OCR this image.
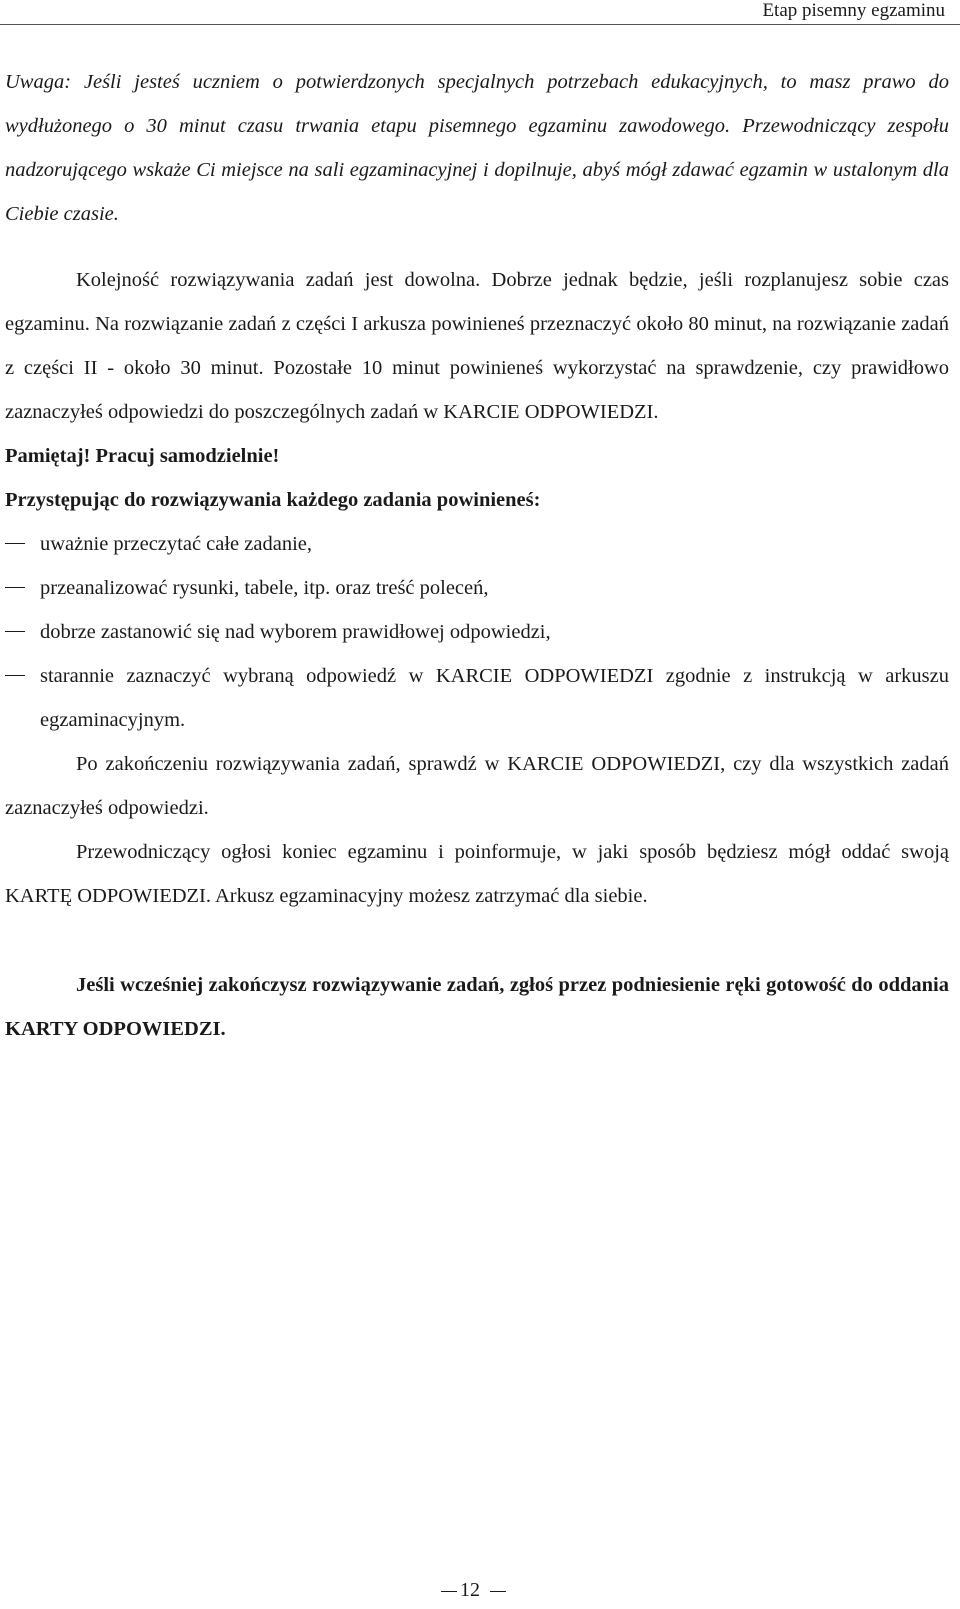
Etap pisemny egzaminu

Uwaga: Jeśli jesteś uczniem o potwierdzonych specjalnych potrzebach edukacyjnych, to masz prawo do wydłużonego o 30 minut czasu trwania etapu pisemnego egzaminu zawodowego. Przewodniczący zespołu nadzorującego wskaże Ci miejsce na sali egzaminacyjnej i dopilnuje, abyś mógł zdawać egzamin w ustalonym dla Ciebie czasie.

Kolejność rozwiązywania zadań jest dowolna. Dobrze jednak będzie, jeśli rozplanujesz sobie czas egzaminu. Na rozwiązanie zadań z części I arkusza powinieneś przeznaczyć około 80 minut, na rozwiązanie zadań z części II - około 30 minut. Pozostałe 10 minut powinieneś wykorzystać na sprawdzenie, czy prawidłowo zaznaczyłeś odpowiedzi do poszczególnych zadań w KARCIE ODPOWIEDZI.

Pamiętaj! Pracuj samodzielnie!

Przystępując do rozwiązywania każdego zadania powinieneś:

uważnie przeczytać całe zadanie,
przeanalizować rysunki, tabele, itp. oraz treść poleceń,
dobrze zastanowić się nad wyborem prawidłowej odpowiedzi,
starannie zaznaczyć wybraną odpowiedź w KARCIE ODPOWIEDZI zgodnie z instrukcją w arkuszu egzaminacyjnym.

Po zakończeniu rozwiązywania zadań, sprawdź w KARCIE ODPOWIEDZI, czy dla wszystkich zadań zaznaczyłeś odpowiedzi.

Przewodniczący ogłosi koniec egzaminu i poinformuje, w jaki sposób będziesz mógł oddać swoją KARTĘ ODPOWIEDZI. Arkusz egzaminacyjny możesz zatrzymać dla siebie.

Jeśli wcześniej zakończysz rozwiązywanie zadań, zgłoś przez podniesienie ręki gotowość do oddania KARTY ODPOWIEDZI.

12
